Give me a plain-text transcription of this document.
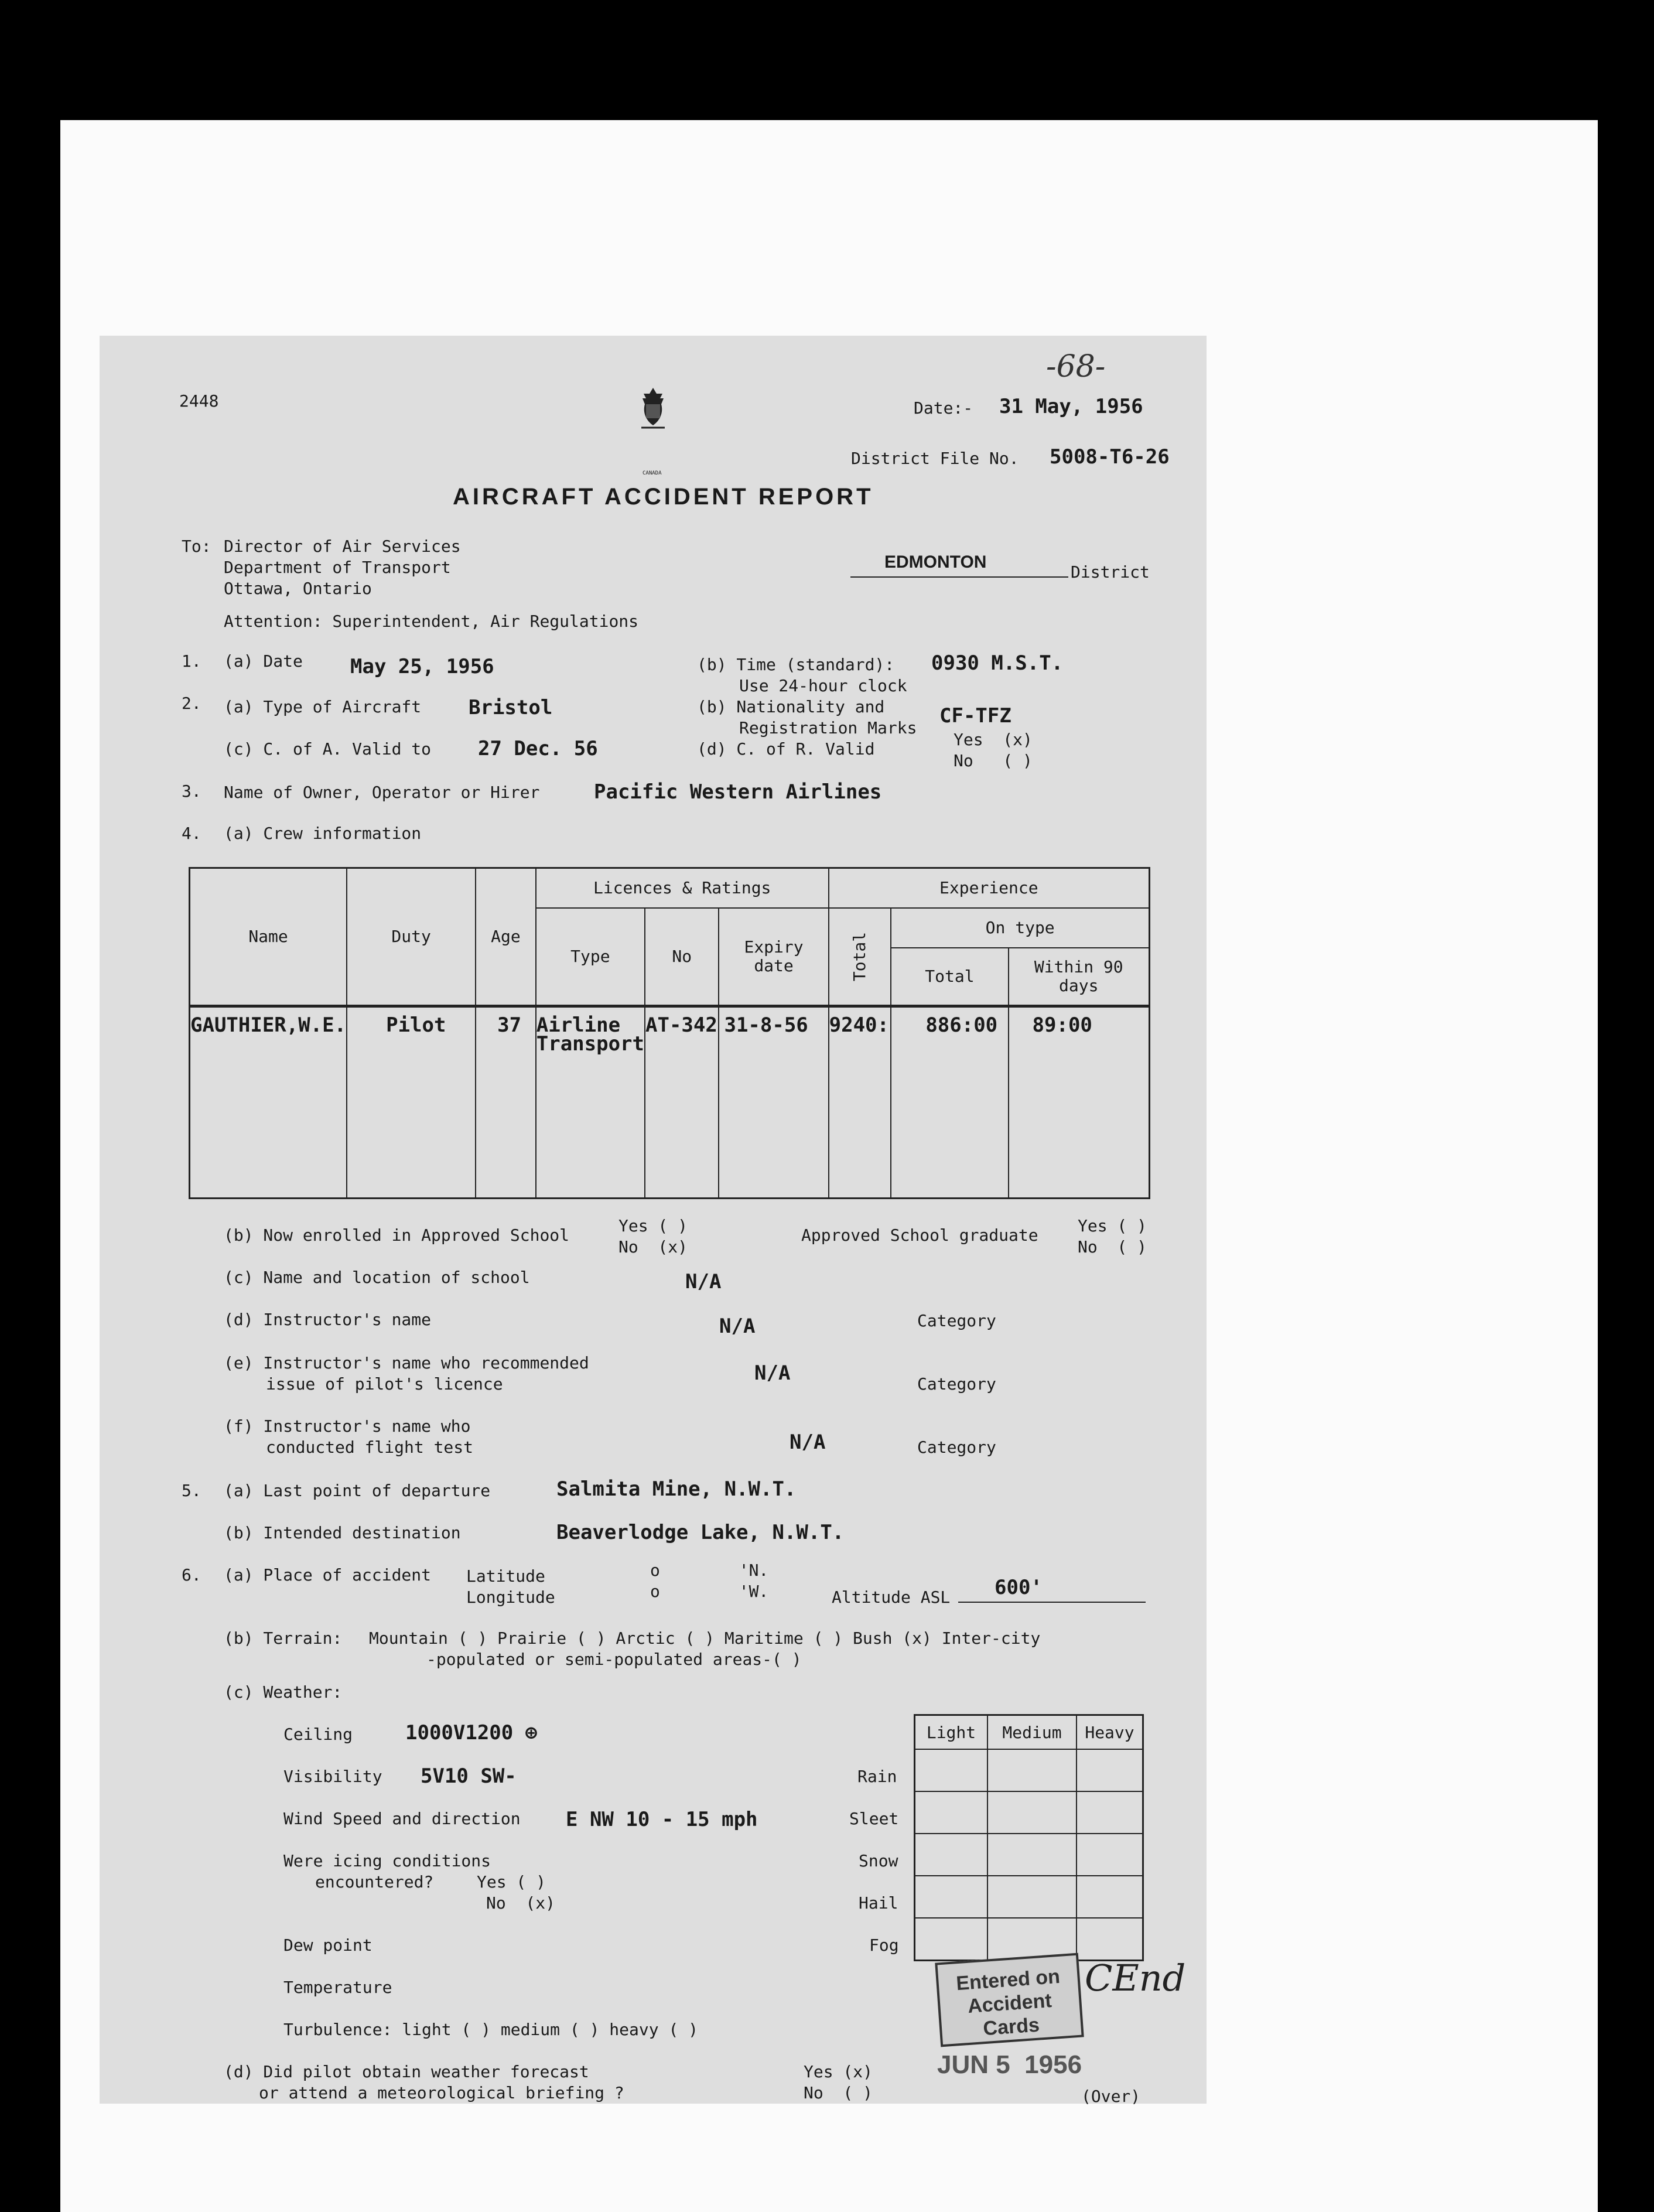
2448	Date:- 31 May, 1956
District File No. 5008-T6-26
-68-
CANADA
AIRCRAFT ACCIDENT REPORT
To: Director of Air Services
Department of Transport
Ottawa, Ontario
Attention: Superintendent, Air Regulations
EDMONTON
District
1. (a) Date May 25, 1956	(b) Time (standard): 0930 M.S.T.
Use 24-hour clock
2. (a) Type of Aircraft Bristol	(b) Nationality and
Registration Marks
CF-TFZ
(c) C. of A. Valid to 27 Dec. 56	(d) C. of R. Valid	Yes  (x)
No   ( )
3. Name of Owner, Operator or Hirer	Pacific Western Airlines
4. (a) Crew information
Name	Duty	Age	Licences & Ratings			Experience		
			Type	No	Expiry date	Total	On type	
							Total	Within 90 days
GAUTHIER,W.E.	Pilot	37	Airline Transport	AT-342	31-8-56	9240:	886:00	89:00
(b) Now enrolled in Approved School	Yes ( )
No  (x)
Approved School graduate Yes ( )
No  ( )
(c) Name and location of school	N/A
(d) Instructor's name	N/A	Category
(e) Instructor's name who recommended
issue of pilot's licence	N/A	Category
(f) Instructor's name who
conducted flight test	N/A	Category
5. (a) Last point of departure	Salmita Mine, N.W.T.
(b) Intended destination	Beaverlodge Lake, N.W.T.
6. (a) Place of accident Latitude
Longitude
o        'N.
o        'W.	Altitude ASL 600'
(b) Terrain: Mountain ( ) Prairie ( ) Arctic ( ) Maritime ( ) Bush (x) Inter-city
-populated or semi-populated areas-( )
(c) Weather:
Ceiling	1000V1200 ⊕
Visibility 5V10 SW-
Wind Speed and direction E NW 10 - 15 mph
Were icing conditions
encountered?	Yes ( )
No  (x)
Dew point
Temperature
Turbulence: light ( ) medium ( ) heavy ( )
Rain
Sleet
Snow
Hail
Fog
Light	Medium	Heavy

Entered on
Accident
Cards
CEnd
JUN 5  1956
(d) Did pilot obtain weather forecast
or attend a meteorological briefing ?
Yes (x)
No  ( )	(Over)
